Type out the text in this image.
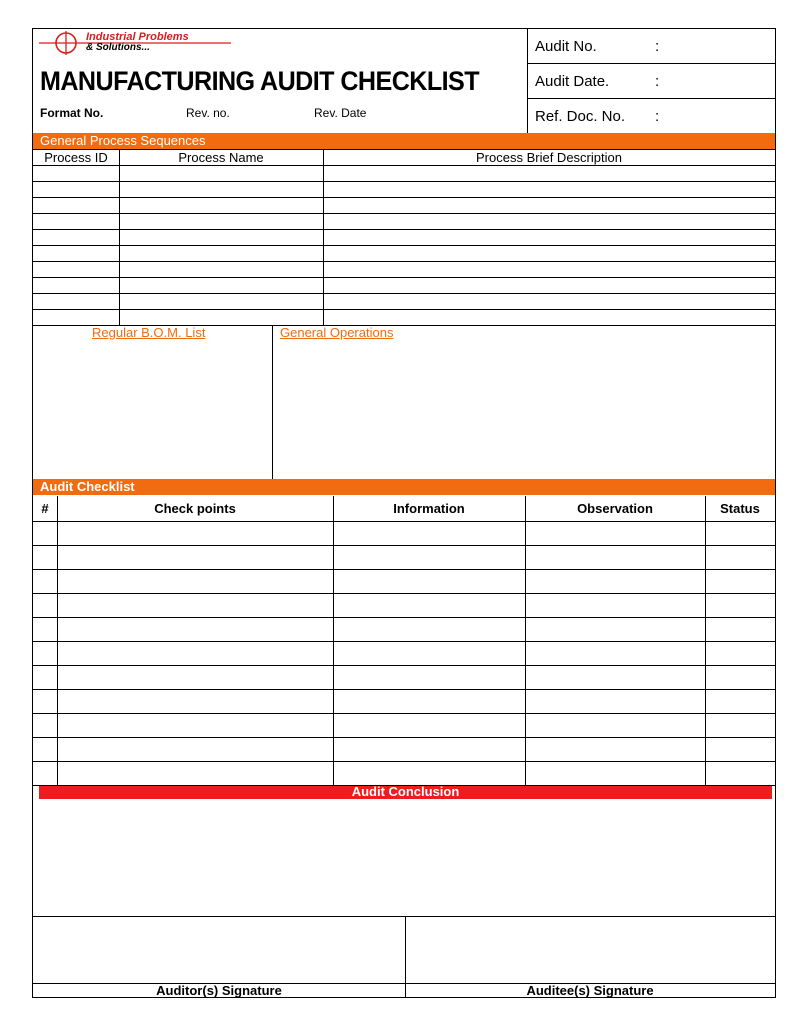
Industrial Problems
& Solutions...
MANUFACTURING AUDIT CHECKLIST
Format No.	Rev. no.	Rev. Date
Audit No.	:
Audit Date.	:
Ref. Doc. No. :
General Process Sequences
Process ID	Process Name	Process Brief Description
Regular B.O.M. List	General Operations
Audit Checklist
#	Check points	Information	Observation	Status
Audit Conclusion
Auditor(s) Signature	Auditee(s) Signature
